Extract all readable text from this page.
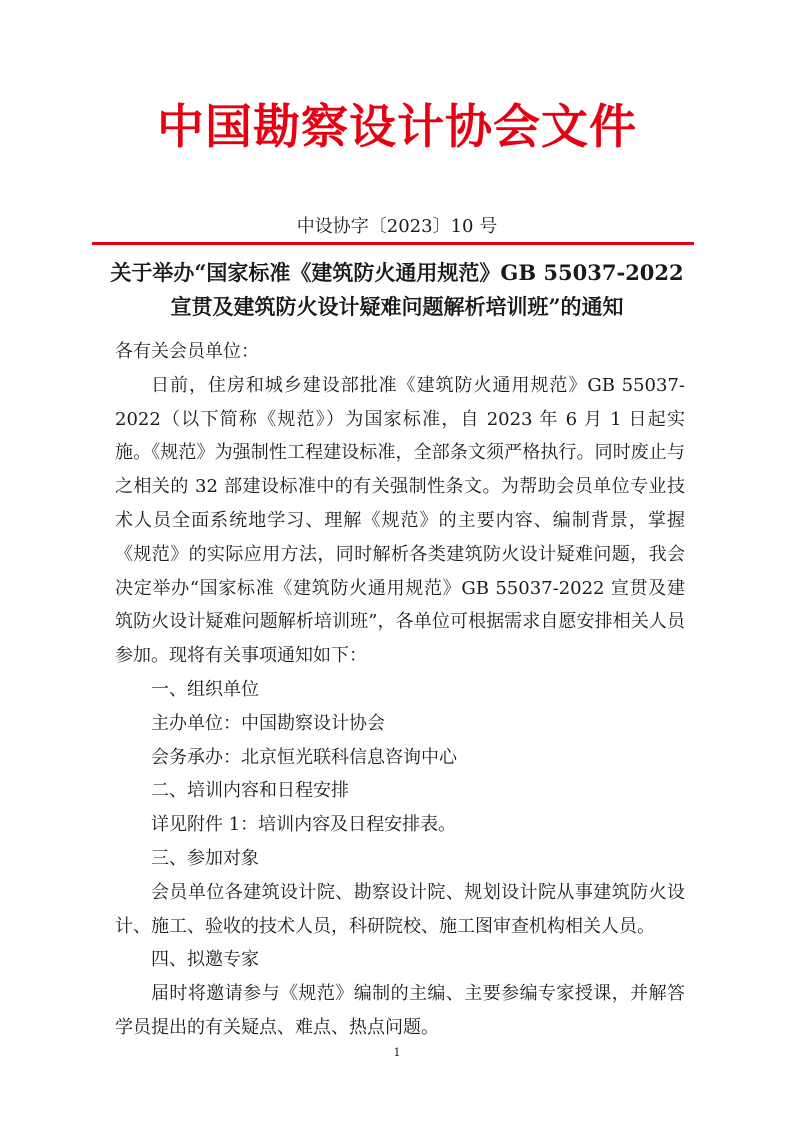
中国勘察设计协会文件
中设协字〔2023〕10 号
关于举办“国家标准《建筑防火通用规范》GB 55037-2022
宣贯及建筑防火设计疑难问题解析培训班”的通知

各有关会员单位：

日前，住房和城乡建设部批准《建筑防火通用规范》GB 55037-2022（以下简称《规范》）为国家标准，自 2023 年 6 月 1 日起实施。《规范》为强制性工程建设标准，全部条文须严格执行。同时废止与之相关的 32 部建设标准中的有关强制性条文。为帮助会员单位专业技术人员全面系统地学习、理解《规范》的主要内容、编制背景，掌握《规范》的实际应用方法，同时解析各类建筑防火设计疑难问题，我会决定举办“国家标准《建筑防火通用规范》GB 55037-2022 宣贯及建筑防火设计疑难问题解析培训班”，各单位可根据需求自愿安排相关人员参加。现将有关事项通知如下：

一、组织单位

主办单位：中国勘察设计协会

会务承办：北京恒光联科信息咨询中心

二、培训内容和日程安排

详见附件 1：培训内容及日程安排表。

三、参加对象

会员单位各建筑设计院、勘察设计院、规划设计院从事建筑防火设计、施工、验收的技术人员，科研院校、施工图审查机构相关人员。

四、拟邀专家

届时将邀请参与《规范》编制的主编、主要参编专家授课，并解答学员提出的有关疑点、难点、热点问题。

1
